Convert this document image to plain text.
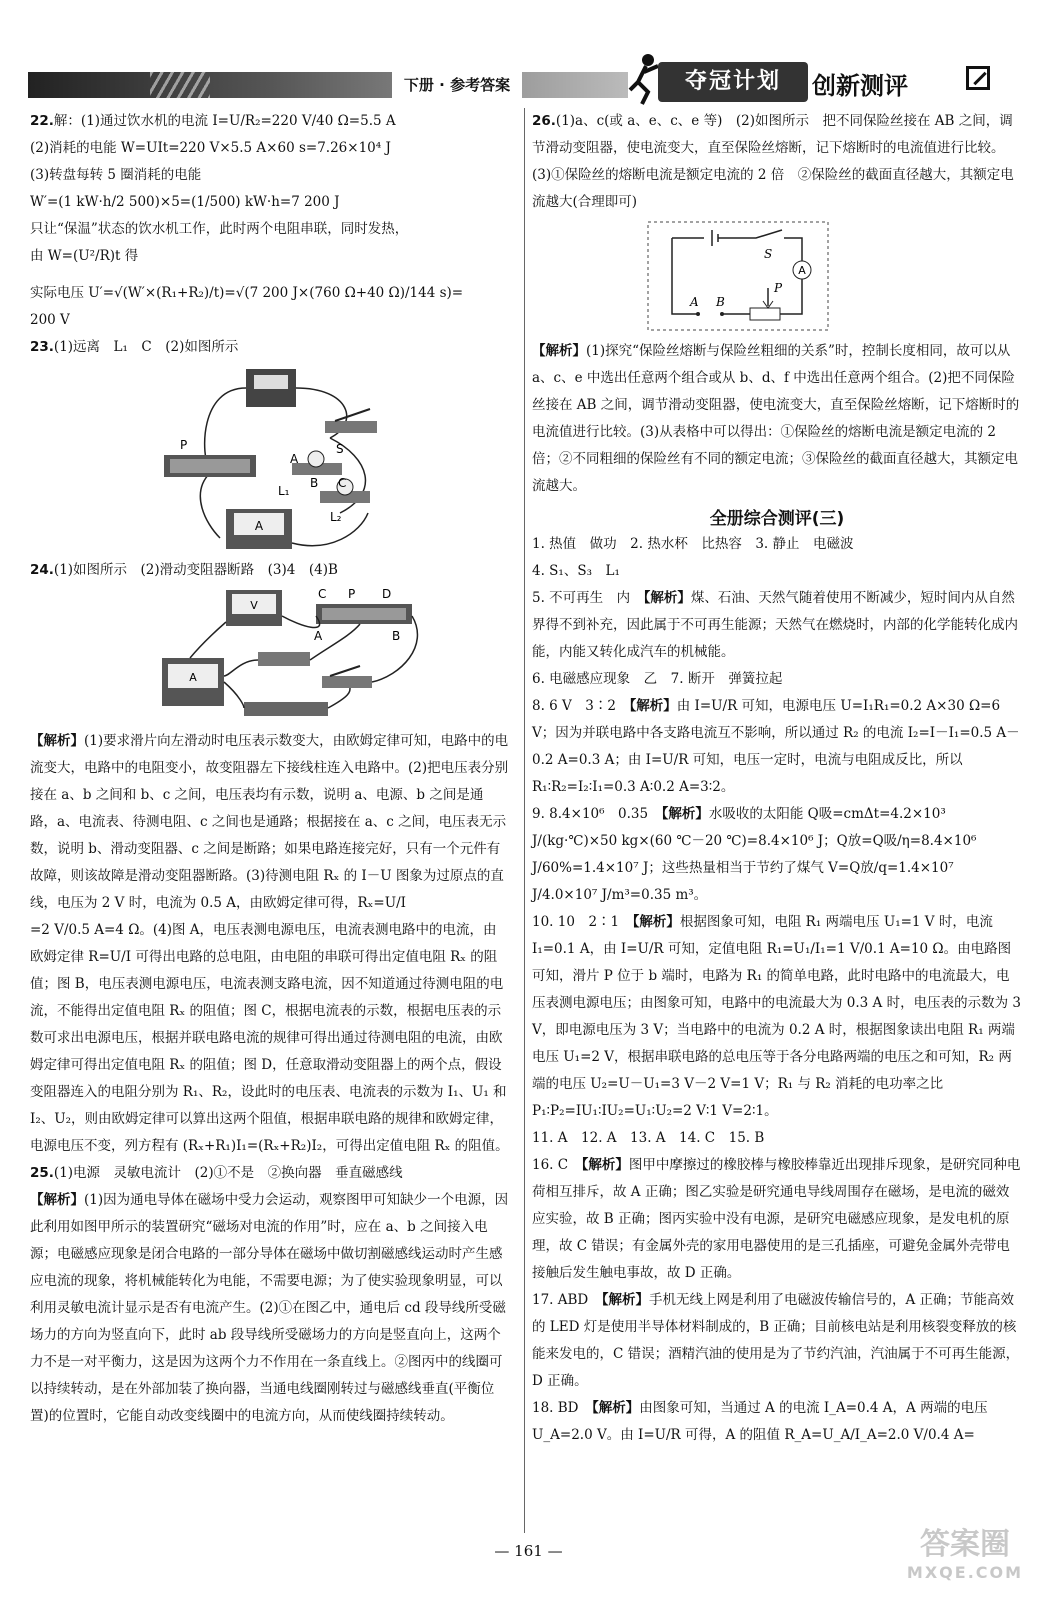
下册 · 参考答案	夺冠计划	创新测评

22.解：(1)通过饮水机的电流 I=U/R₂=220 V/40 Ω=5.5 A

(2)消耗的电能 W=UIt=220 V×5.5 A×60 s=7.26×10⁴ J

(3)转盘每转 5 圈消耗的电能

W′=(1 kW·h/2 500)×5=(1/500) kW·h=7 200 J

只让“保温”状态的饮水机工作，此时两个电阻串联，同时发热，

由 W=(U²/R)t 得

实际电压 U′=√(W′×(R₁+R₂)/t)=√(7 200 J×(760 Ω+40 Ω)/144 s)=

200 V

23.(1)远离　L₁　C　(2)如图所示

A
P	S
A
L₁
B C
L₂

24.(1)如图所示　(2)滑动变阻器断路　(3)4　(4)B

V
A
C P D
A	B

【解析】(1)要求滑片向左滑动时电压表示数变大，由欧姆定律可知，电路中的电流变大，电路中的电阻变小，故变阻器左下接线柱连入电路中。(2)把电压表分别接在 a、b 之间和 b、c 之间，电压表均有示数，说明 a、电源、b 之间是通路，a、电流表、待测电阻、c 之间也是通路；根据接在 a、c 之间，电压表无示数，说明 b、滑动变阻器、c 之间是断路；如果电路连接完好，只有一个元件有故障，则该故障是滑动变阻器断路。(3)待测电阻 Rₓ 的 I－U 图象为过原点的直线，电压为 2 V 时，电流为 0.5 A，由欧姆定律可得，Rₓ=U/I

=2 V/0.5 A=4 Ω。(4)图 A，电压表测电源电压，电流表测电路中的电流，由欧姆定律 R=U/I 可得出电路的总电阻，由电阻的串联可得出定值电阻 Rₓ 的阻值；图 B，电压表测电源电压，电流表测支路电流，因不知道通过待测电阻的电流，不能得出定值电阻 Rₓ 的阻值；图 C，根据电流表的示数，根据电压表的示数可求出电源电压，根据并联电路电流的规律可得出通过待测电阻的电流，由欧姆定律可得出定值电阻 Rₓ 的阻值；图 D，任意取滑动变阻器上的两个点，假设变阻器连入的电阻分别为 R₁、R₂，设此时的电压表、电流表的示数为 I₁、U₁ 和 I₂、U₂，则由欧姆定律可以算出这两个阻值，根据串联电路的规律和欧姆定律，电源电压不变，列方程有 (Rₓ+R₁)I₁=(Rₓ+R₂)I₂，可得出定值电阻 Rₓ 的阻值。

25.(1)电源　灵敏电流计　(2)①不是　②换向器　垂直磁感线

【解析】(1)因为通电导体在磁场中受力会运动，观察图甲可知缺少一个电源，因此利用如图甲所示的装置研究“磁场对电流的作用”时，应在 a、b 之间接入电源；电磁感应现象是闭合电路的一部分导体在磁场中做切割磁感线运动时产生感应电流的现象，将机械能转化为电能，不需要电源；为了使实验现象明显，可以利用灵敏电流计显示是否有电流产生。(2)①在图乙中，通电后 cd 段导线所受磁场力的方向为竖直向下，此时 ab 段导线所受磁场力的方向是竖直向上，这两个力不是一对平衡力，这是因为这两个力不作用在一条直线上。②图丙中的线圈可以持续转动，是在外部加装了换向器，当通电线圈刚转过与磁感线垂直(平衡位置)的位置时，它能自动改变线圈中的电流方向，从而使线圈持续转动。

26.(1)a、c(或 a、e、c、e 等)　(2)如图所示　把不同保险丝接在 AB 之间，调节滑动变阻器，使电流变大，直至保险丝熔断，记下熔断时的电流值进行比较。　(3)①保险丝的熔断电流是额定电流的 2 倍　②保险丝的截面直径越大，其额定电流越大(合理即可)

A
S
A B
P

【解析】(1)探究“保险丝熔断与保险丝粗细的关系”时，控制长度相同，故可以从 a、c、e 中选出任意两个组合或从 b、d、f 中选出任意两个组合。(2)把不同保险丝接在 AB 之间，调节滑动变阻器，使电流变大，直至保险丝熔断，记下熔断时的电流值进行比较。(3)从表格中可以得出：①保险丝的熔断电流是额定电流的 2 倍；②不同粗细的保险丝有不同的额定电流；③保险丝的截面直径越大，其额定电流越大。

全册综合测评(三)

1. 热值　做功　2. 热水杯　比热容　3. 静止　电磁波

4. S₁、S₃　L₁

5. 不可再生　内　【解析】煤、石油、天然气随着使用不断减少，短时间内从自然界得不到补充，因此属于不可再生能源；天然气在燃烧时，内部的化学能转化成内能，内能又转化成汽车的机械能。

6. 电磁感应现象　乙　7. 断开　弹簧拉起

8. 6 V　3∶2　【解析】由 I=U/R 可知，电源电压 U=I₁R₁=0.2 A×30 Ω=6 V；因为并联电路中各支路电流互不影响，所以通过 R₂ 的电流 I₂=I－I₁=0.5 A－0.2 A=0.3 A；由 I=U/R 可知，电压一定时，电流与电阻成反比，所以 R₁∶R₂=I₂∶I₁=0.3 A∶0.2 A=3∶2。

9. 8.4×10⁶　0.35　【解析】水吸收的太阳能 Q吸=cmΔt=4.2×10³ J/(kg·℃)×50 kg×(60 ℃－20 ℃)=8.4×10⁶ J；Q放=Q吸/η=8.4×10⁶ J/60%=1.4×10⁷ J；这些热量相当于节约了煤气 V=Q放/q=1.4×10⁷ J/4.0×10⁷ J/m³=0.35 m³。

10. 10　2∶1　【解析】根据图象可知，电阻 R₁ 两端电压 U₁=1 V 时，电流 I₁=0.1 A，由 I=U/R 可知，定值电阻 R₁=U₁/I₁=1 V/0.1 A=10 Ω。由电路图可知，滑片 P 位于 b 端时，电路为 R₁ 的简单电路，此时电路中的电流最大，电压表测电源电压；由图象可知，电路中的电流最大为 0.3 A 时，电压表的示数为 3 V，即电源电压为 3 V；当电路中的电流为 0.2 A 时，根据图象读出电阻 R₁ 两端电压 U₁=2 V，根据串联电路的总电压等于各分电路两端的电压之和可知，R₂ 两端的电压 U₂=U－U₁=3 V－2 V=1 V；R₁ 与 R₂ 消耗的电功率之比 P₁∶P₂=IU₁∶IU₂=U₁∶U₂=2 V∶1 V=2∶1。

11. A　12. A　13. A　14. C　15. B

16. C　【解析】图甲中摩擦过的橡胶棒与橡胶棒靠近出现排斥现象，是研究同种电荷相互排斥，故 A 正确；图乙实验是研究通电导线周围存在磁场，是电流的磁效应实验，故 B 正确；图丙实验中没有电源，是研究电磁感应现象，是发电机的原理，故 C 错误；有金属外壳的家用电器使用的是三孔插座，可避免金属外壳带电接触后发生触电事故，故 D 正确。

17. ABD　【解析】手机无线上网是利用了电磁波传输信号的，A 正确；节能高效的 LED 灯是使用半导体材料制成的，B 正确；目前核电站是利用核裂变释放的核能来发电的，C 错误；酒精汽油的使用是为了节约汽油，汽油属于不可再生能源，D 正确。

18. BD　【解析】由图象可知，当通过 A 的电流 I_A=0.4 A，A 两端的电压 U_A=2.0 V。由 I=U/R 可得，A 的阻值 R_A=U_A/I_A=2.0 V/0.4 A=

— 161 —	答案圈
MXQE.COM
